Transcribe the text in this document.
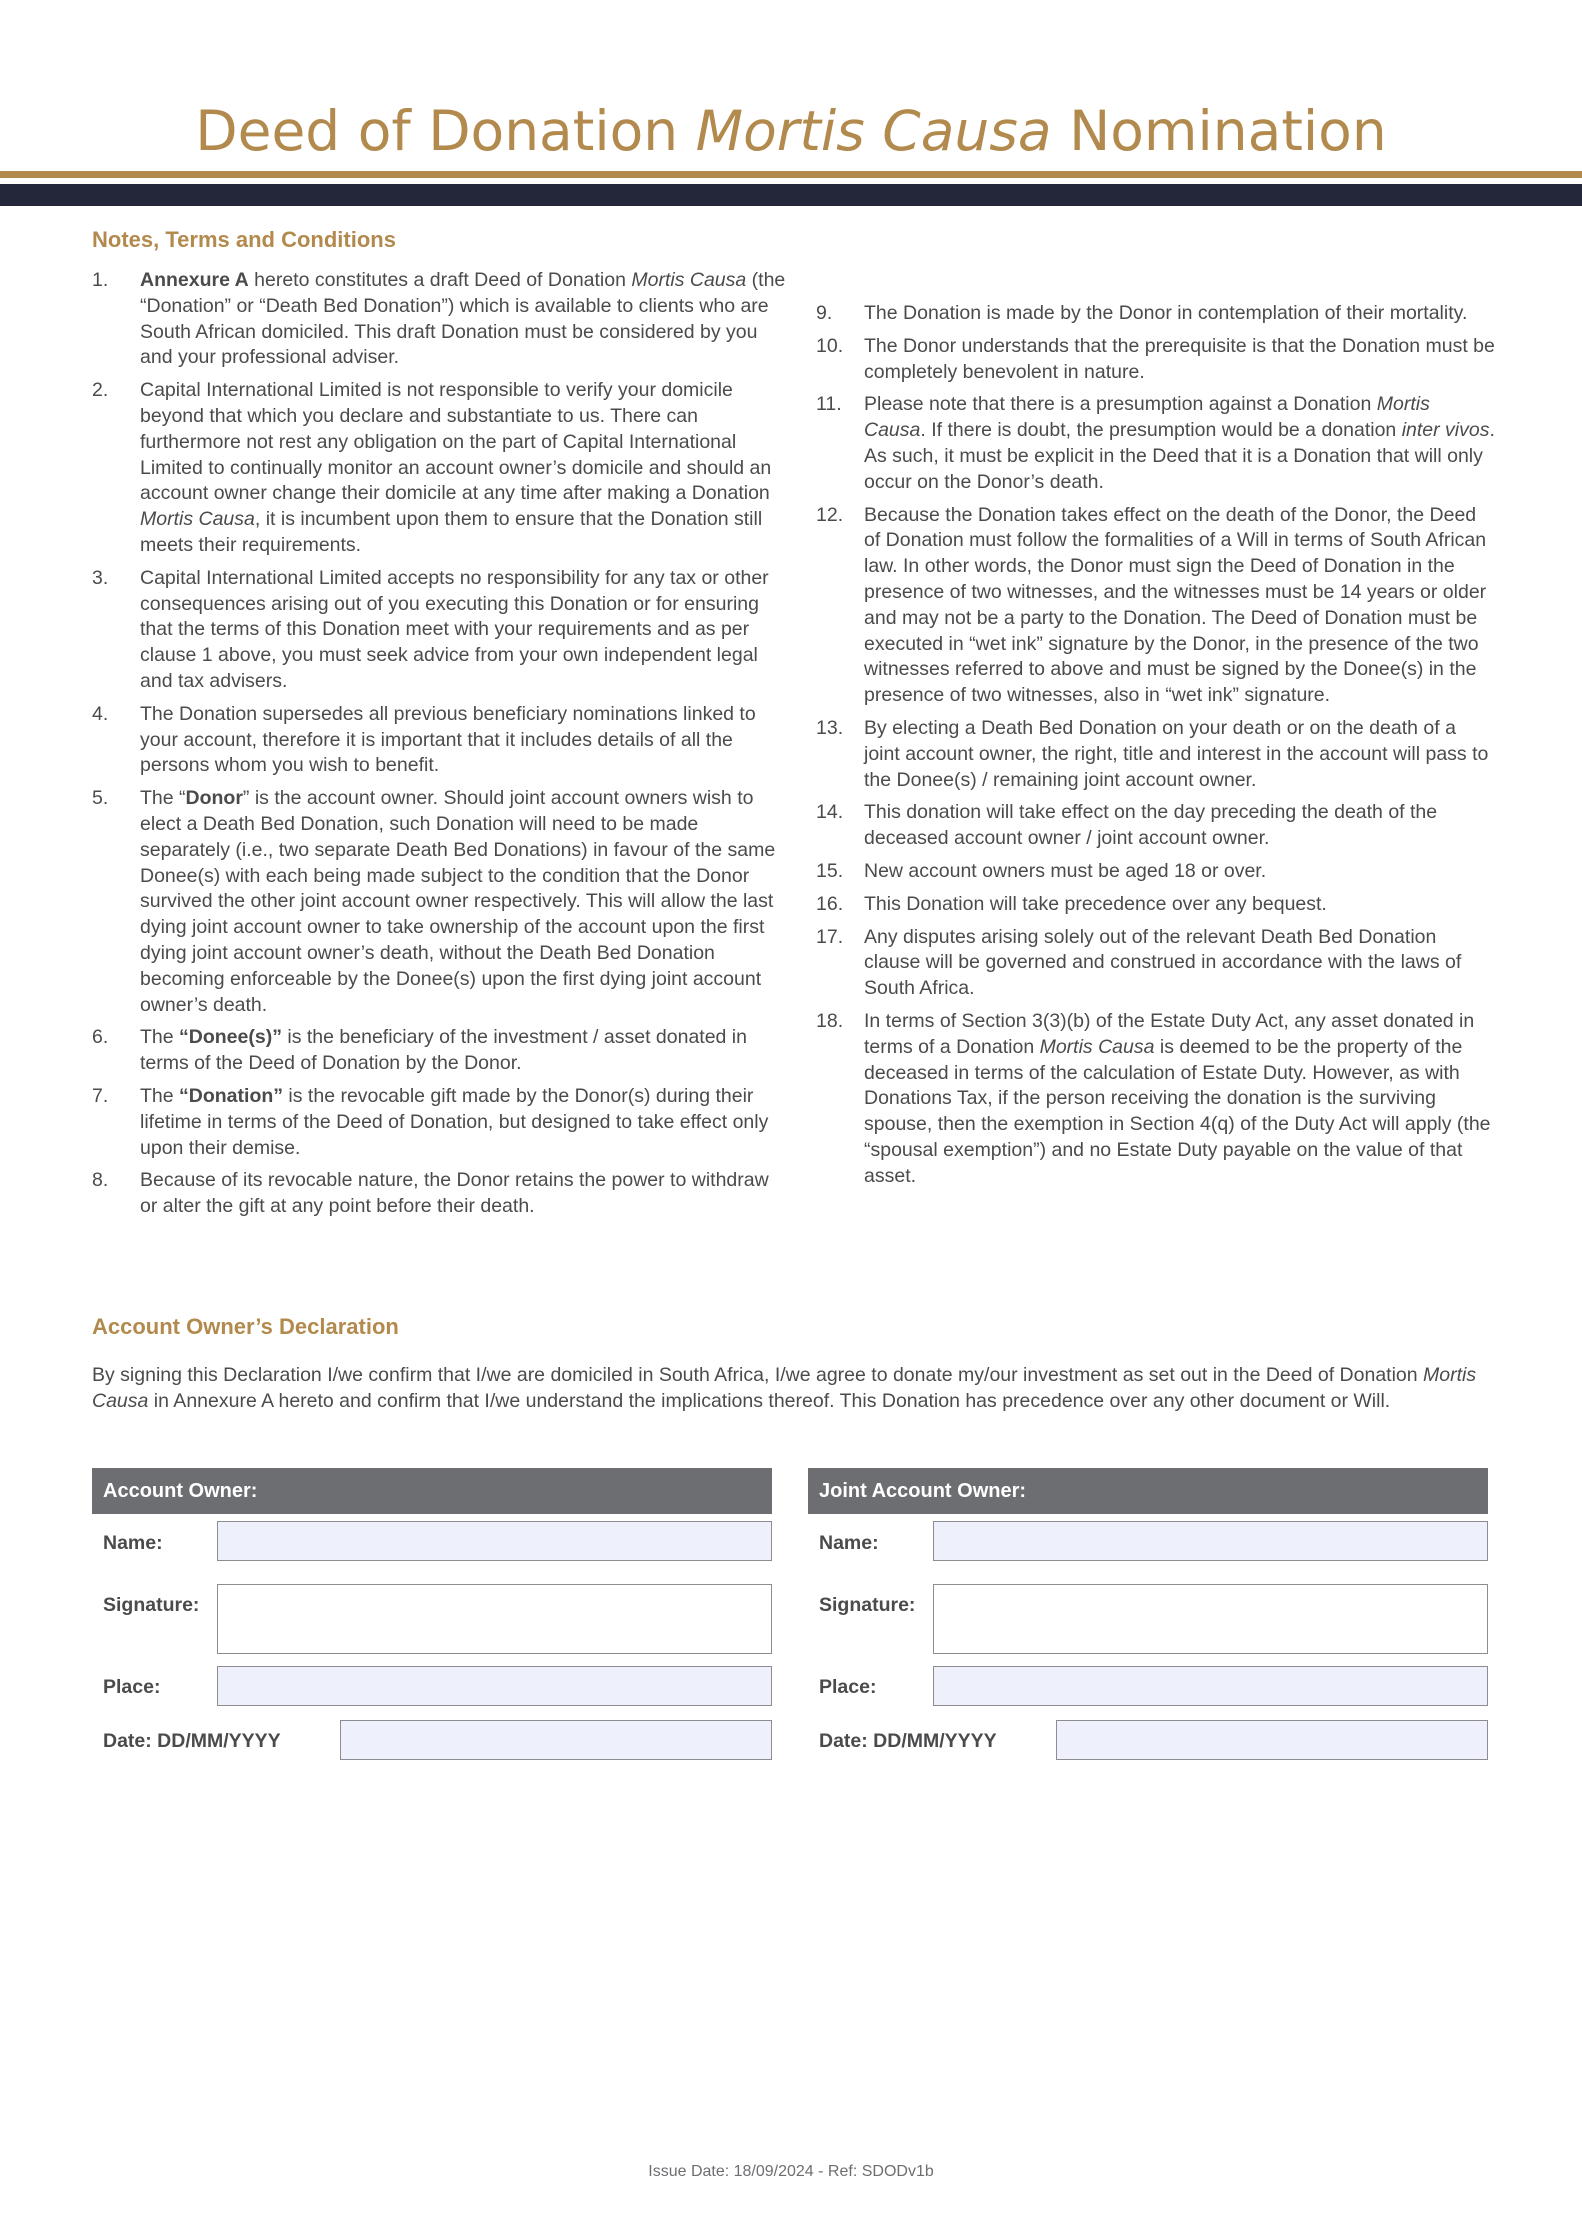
Deed of Donation Mortis Causa Nomination
Notes, Terms and Conditions
1. Annexure A hereto constitutes a draft Deed of Donation Mortis Causa (the “Donation” or “Death Bed Donation”) which is available to clients who are South African domiciled. This draft Donation must be considered by you and your professional adviser.
2. Capital International Limited is not responsible to verify your domicile beyond that which you declare and substantiate to us. There can furthermore not rest any obligation on the part of Capital International Limited to continually monitor an account owner’s domicile and should an account owner change their domicile at any time after making a Donation Mortis Causa, it is incumbent upon them to ensure that the Donation still meets their requirements.
3. Capital International Limited accepts no responsibility for any tax or other consequences arising out of you executing this Donation or for ensuring that the terms of this Donation meet with your requirements and as per clause 1 above, you must seek advice from your own independent legal and tax advisers.
4. The Donation supersedes all previous beneficiary nominations linked to your account, therefore it is important that it includes details of all the persons whom you wish to benefit.
5. The “Donor” is the account owner. Should joint account owners wish to elect a Death Bed Donation, such Donation will need to be made separately (i.e., two separate Death Bed Donations) in favour of the same Donee(s) with each being made subject to the condition that the Donor survived the other joint account owner respectively. This will allow the last dying joint account owner to take ownership of the account upon the first dying joint account owner’s death, without the Death Bed Donation becoming enforceable by the Donee(s) upon the first dying joint account owner’s death.
6. The “Donee(s)” is the beneficiary of the investment / asset donated in terms of the Deed of Donation by the Donor.
7. The “Donation” is the revocable gift made by the Donor(s) during their lifetime in terms of the Deed of Donation, but designed to take effect only upon their demise.
8. Because of its revocable nature, the Donor retains the power to withdraw or alter the gift at any point before their death.
9. The Donation is made by the Donor in contemplation of their mortality.
10. The Donor understands that the prerequisite is that the Donation must be completely benevolent in nature.
11. Please note that there is a presumption against a Donation Mortis Causa. If there is doubt, the presumption would be a donation inter vivos. As such, it must be explicit in the Deed that it is a Donation that will only occur on the Donor’s death.
12. Because the Donation takes effect on the death of the Donor, the Deed of Donation must follow the formalities of a Will in terms of South African law. In other words, the Donor must sign the Deed of Donation in the presence of two witnesses, and the witnesses must be 14 years or older and may not be a party to the Donation. The Deed of Donation must be executed in “wet ink” signature by the Donor, in the presence of the two witnesses referred to above and must be signed by the Donee(s) in the presence of two witnesses, also in “wet ink” signature.
13. By electing a Death Bed Donation on your death or on the death of a joint account owner, the right, title and interest in the account will pass to the Donee(s) / remaining joint account owner.
14. This donation will take effect on the day preceding the death of the deceased account owner / joint account owner.
15. New account owners must be aged 18 or over.
16. This Donation will take precedence over any bequest.
17. Any disputes arising solely out of the relevant Death Bed Donation clause will be governed and construed in accordance with the laws of South Africa.
18. In terms of Section 3(3)(b) of the Estate Duty Act, any asset donated in terms of a Donation Mortis Causa is deemed to be the property of the deceased in terms of the calculation of Estate Duty. However, as with Donations Tax, if the person receiving the donation is the surviving spouse, then the exemption in Section 4(q) of the Duty Act will apply (the “spousal exemption”) and no Estate Duty payable on the value of that asset.
Account Owner’s Declaration
By signing this Declaration I/we confirm that I/we are domiciled in South Africa, I/we agree to donate my/our investment as set out in the Deed of Donation Mortis Causa in Annexure A hereto and confirm that I/we understand the implications thereof. This Donation has precedence over any other document or Will.
Account Owner:
Name:
Signature:
Place:
Date: DD/MM/YYYY
Joint Account Owner:
Name:
Signature:
Place:
Date: DD/MM/YYYY
Issue Date: 18/09/2024 - Ref: SDODv1b
